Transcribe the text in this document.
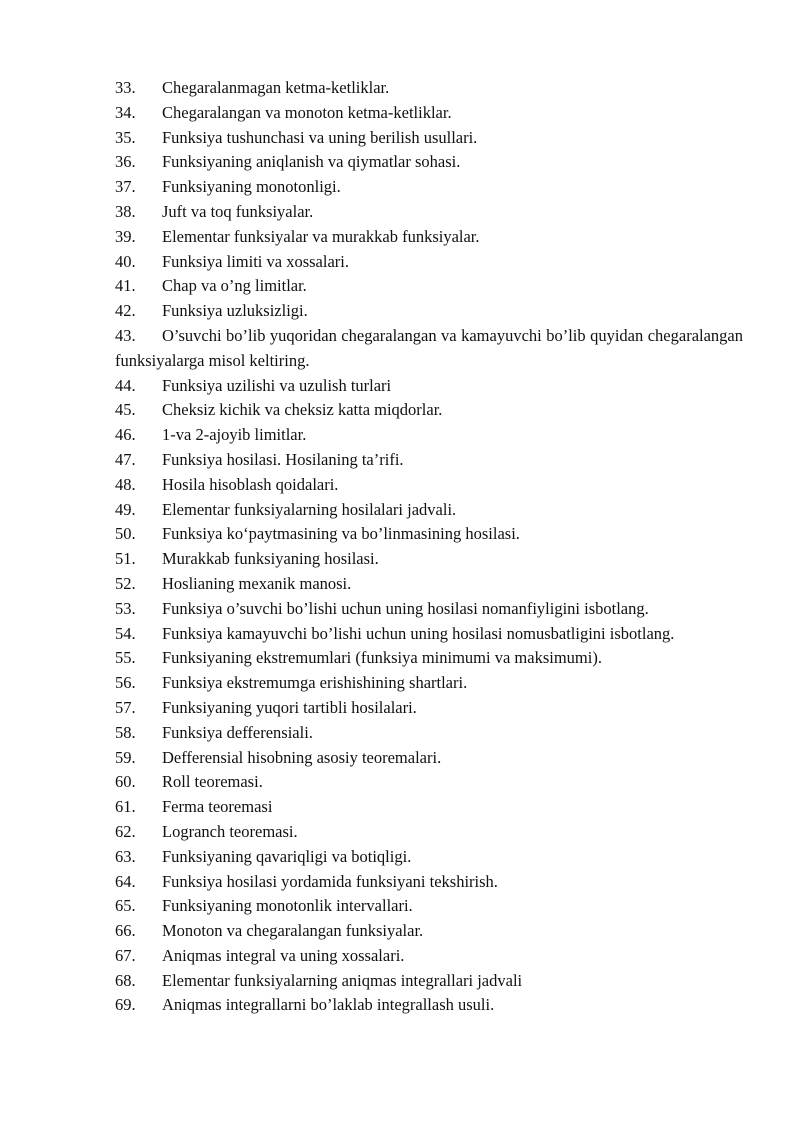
33. Chegaralanmagan ketma-ketliklar.
34. Chegaralangan va monoton ketma-ketliklar.
35. Funksiya tushunchasi va uning berilish usullari.
36. Funksiyaning aniqlanish va qiymatlar sohasi.
37. Funksiyaning monotonligi.
38. Juft va toq funksiyalar.
39. Elementar funksiyalar va murakkab funksiyalar.
40. Funksiya limiti va xossalari.
41. Chap va o’ng limitlar.
42. Funksiya uzluksizligi.
43. O’suvchi bo’lib yuqoridan chegaralangan va kamayuvchi bo’lib quyidan chegaralangan funksiyalarga misol keltiring.
44. Funksiya uzilishi va uzulish turlari
45. Cheksiz kichik va cheksiz katta miqdorlar.
46. 1-va 2-ajoyib limitlar.
47. Funksiya hosilasi. Hosilaning ta’rifi.
48. Hosila hisoblash qoidalari.
49. Elementar funksiyalarning hosilalari jadvali.
50. Funksiya ko‘paytmasining va bo’linmasining hosilasi.
51. Murakkab funksiyaning hosilasi.
52. Hoslianing mexanik manosi.
53. Funksiya o’suvchi bo’lishi uchun uning hosilasi nomanfiyligini isbotlang.
54. Funksiya kamayuvchi bo’lishi uchun uning hosilasi nomusbatligini isbotlang.
55. Funksiyaning ekstremumlari (funksiya minimumi va maksimumi).
56. Funksiya ekstremumga erishishining shartlari.
57. Funksiyaning yuqori tartibli hosilalari.
58. Funksiya defferensiali.
59. Defferensial hisobning asosiy teoremalari.
60. Roll teoremasi.
61. Ferma teoremasi
62. Logranch teoremasi.
63. Funksiyaning qavariqligi va botiqligi.
64. Funksiya hosilasi yordamida funksiyani tekshirish.
65. Funksiyaning monotonlik intervallari.
66. Monoton va chegaralangan funksiyalar.
67. Aniqmas integral va uning xossalari.
68. Elementar funksiyalarning aniqmas integrallari jadvali
69. Aniqmas integrallarni bo’laklab integrallash usuli.
